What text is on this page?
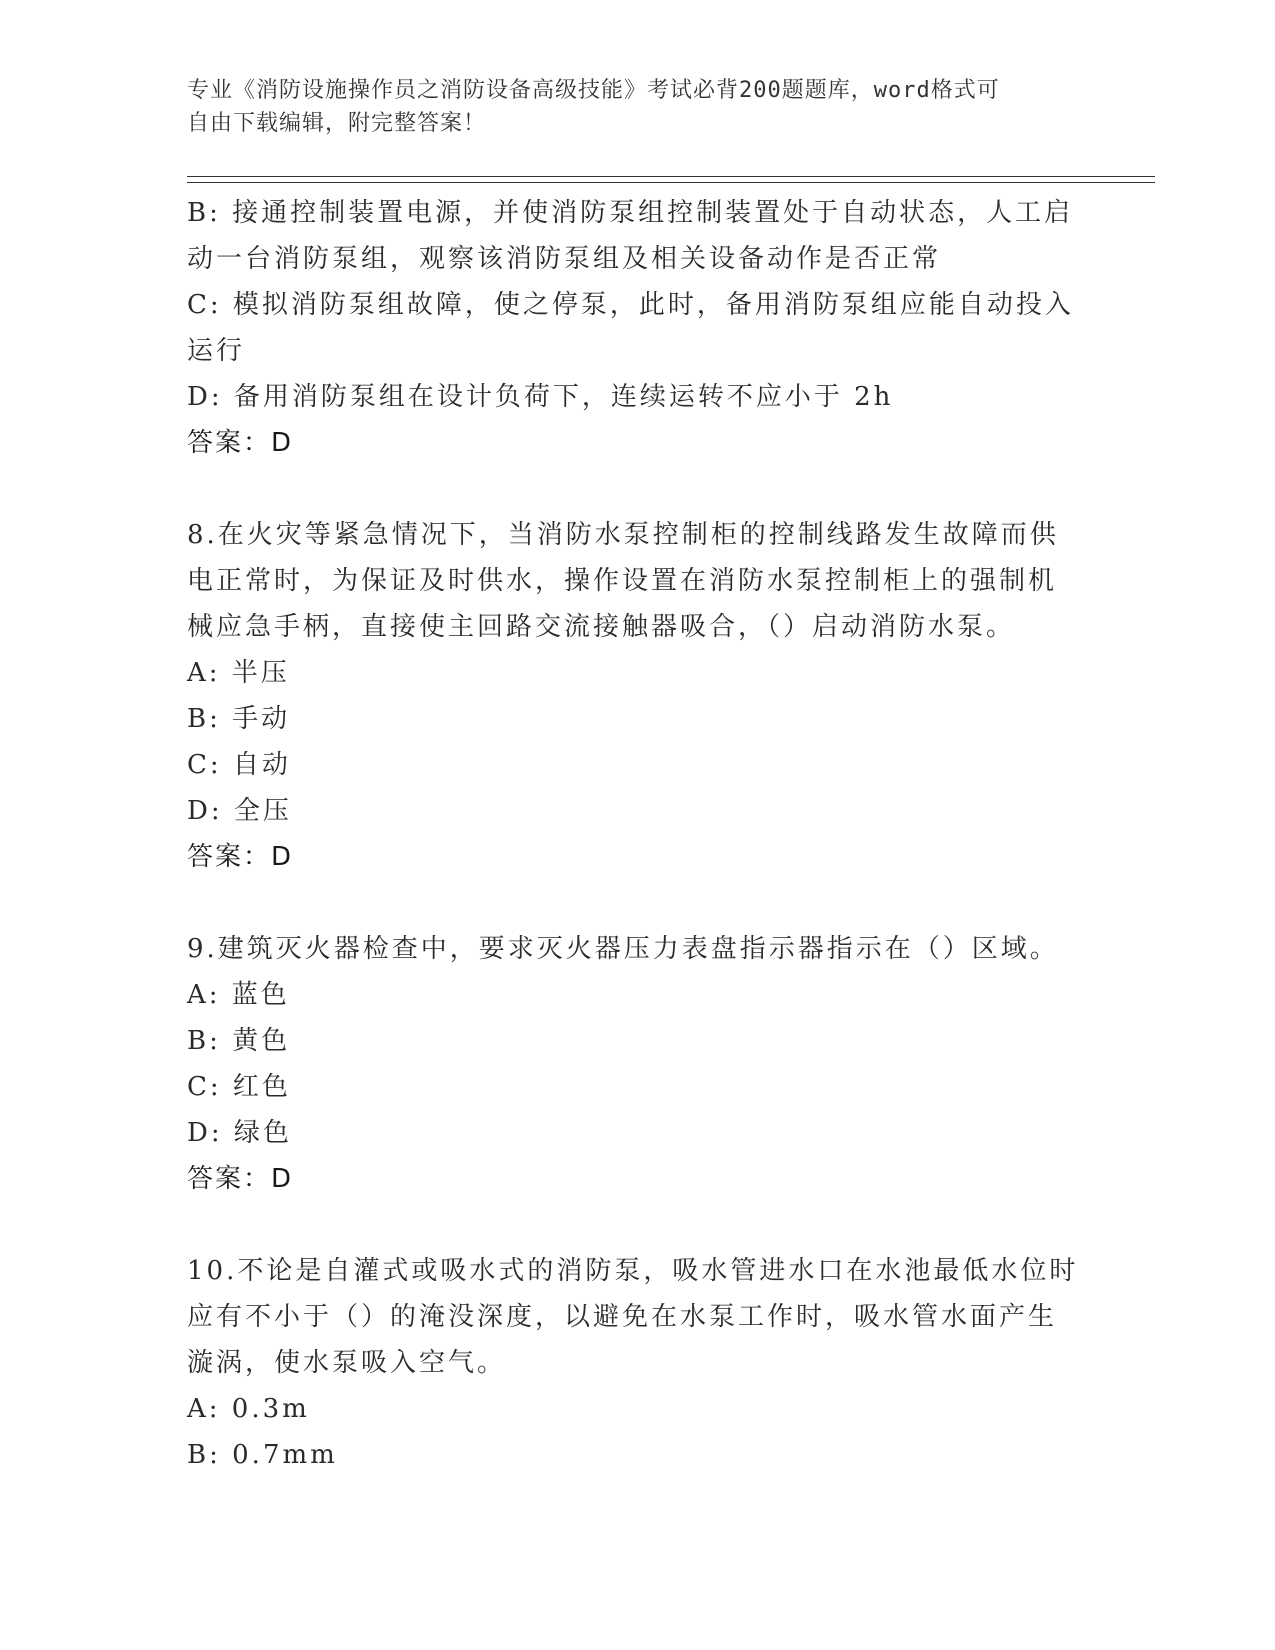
专业《消防设施操作员之消防设备高级技能》考试必背200题题库，word格式可
自由下载编辑，附完整答案！
B: 接通控制装置电源，并使消防泵组控制装置处于自动状态，人工启
动一台消防泵组，观察该消防泵组及相关设备动作是否正常
C: 模拟消防泵组故障，使之停泵，此时，备用消防泵组应能自动投入
运行
D: 备用消防泵组在设计负荷下，连续运转不应小于 2h
答案：D
8.在火灾等紧急情况下，当消防水泵控制柜的控制线路发生故障而供
电正常时，为保证及时供水，操作设置在消防水泵控制柜上的强制机
械应急手柄，直接使主回路交流接触器吸合，（）启动消防水泵。
A: 半压
B: 手动
C: 自动
D: 全压
答案：D
9.建筑灭火器检查中，要求灭火器压力表盘指示器指示在（）区域。
A: 蓝色
B: 黄色
C: 红色
D: 绿色
答案：D
10.不论是自灌式或吸水式的消防泵，吸水管进水口在水池最低水位时
应有不小于（）的淹没深度，以避免在水泵工作时，吸水管水面产生
漩涡，使水泵吸入空气。
A: 0.3m
B: 0.7mm
